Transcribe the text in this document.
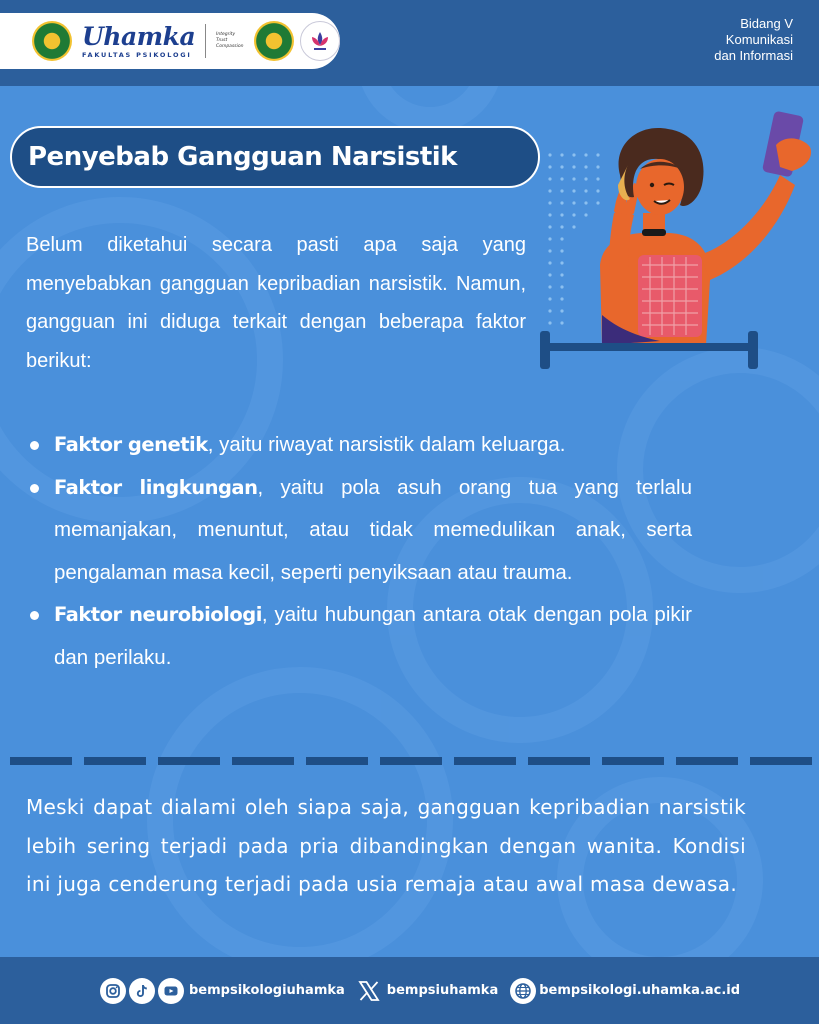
Uhamka
FAKULTAS PSIKOLOGI
Integrity
Trust
Compassion
Bidang V
Komunikasi
dan Informasi
Penyebab Gangguan Narsistik

Belum diketahui secara pasti apa saja yang menyebabkan gangguan kepribadian narsistik. Namun, gangguan ini diduga terkait dengan beberapa faktor berikut:

Faktor genetik, yaitu riwayat narsistik dalam keluarga.
Faktor lingkungan, yaitu pola asuh orang tua yang terlalu memanjakan, menuntut, atau tidak memedulikan anak, serta pengalaman masa kecil, seperti penyiksaan atau trauma.
Faktor neurobiologi, yaitu hubungan antara otak dengan pola pikir dan perilaku.

Meski dapat dialami oleh siapa saja, gangguan kepribadian narsistik lebih sering terjadi pada pria dibandingkan dengan wanita. Kondisi ini juga cenderung terjadi pada usia remaja atau awal masa dewasa.

bempsikologiuhamka	bempsiuhamka	bempsikologi.uhamka.ac.id
